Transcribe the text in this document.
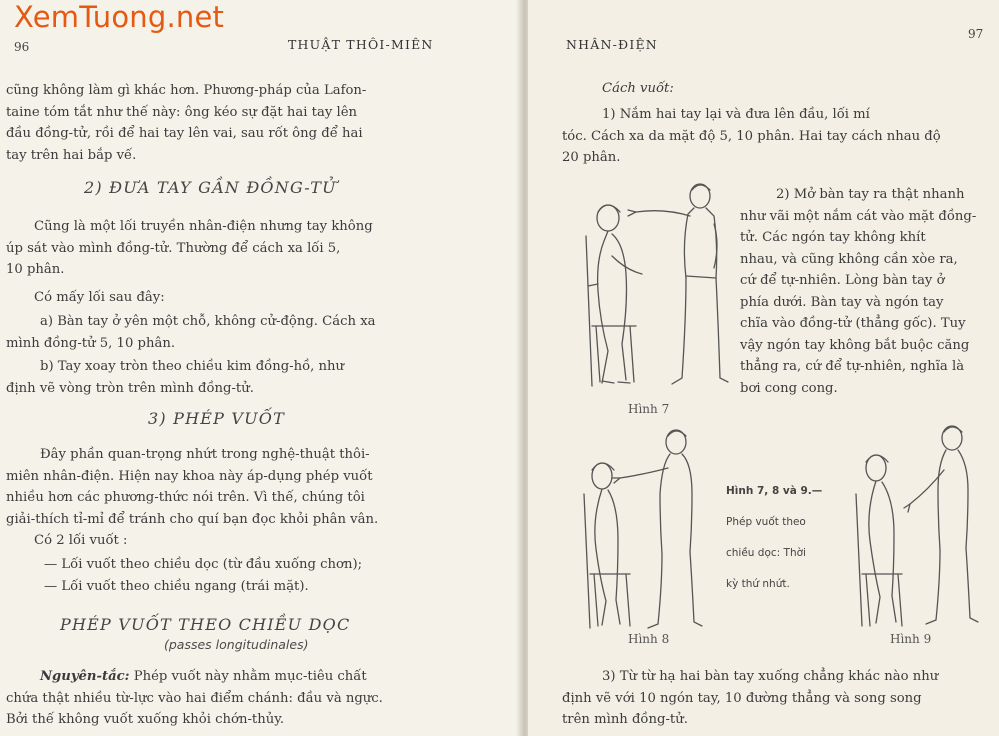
XemTuong.net
96	THUẬT THÔI-MIÊN
cũng không làm gì khác hơn. Phương-pháp của Lafon-
taine tóm tắt như thế này: ông kéo sự đặt hai tay lên
đầu đồng-tử, rồi để hai tay lên vai, sau rốt ông để hai
tay trên hai bắp vế.
2) ĐƯA TAY GẦN ĐỒNG-TỬ
Cũng là một lối truyền nhân-điện nhưng tay không
úp sát vào mình đồng-tử. Thường để cách xa lối 5,
10 phân.
Có mấy lối sau đây:
a) Bàn tay ở yên một chỗ, không cử-động. Cách xa
mình đồng-tử 5, 10 phân.
b) Tay xoay tròn theo chiều kim đồng-hồ, như
định vẽ vòng tròn trên mình đồng-tử.
3) PHÉP VUỐT
Đây phần quan-trọng nhứt trong nghệ-thuật thôi-
miên nhân-điện. Hiện nay khoa này áp-dụng phép vuốt
nhiều hơn các phương-thức nói trên. Vì thế, chúng tôi
giải-thích tỉ-mỉ để tránh cho quí bạn đọc khỏi phân vân.
Có 2 lối vuốt :
— Lối vuốt theo chiều dọc (từ đầu xuống chơn);
— Lối vuốt theo chiều ngang (trái mặt).
PHÉP VUỐT THEO CHIỀU DỌC
(passes longitudinales)
Nguyên-tắc: Phép vuốt này nhằm mục-tiêu chất
chứa thật nhiều từ-lực vào hai điểm chánh: đầu và ngực.
Bởi thế không vuốt xuống khỏi chớn-thủy.
NHÂN-ĐIỆN
97
Cách vuốt:
1) Nắm hai tay lại và đưa lên đầu, lối mí
tóc. Cách xa da mặt độ 5, 10 phân. Hai tay cách nhau độ
20 phân.
Hình 7
2) Mở bàn tay ra thật nhanh
như vãi một nắm cát vào mặt đồng-
tử. Các ngón tay không khít
nhau, và cũng không cần xòe ra,
cứ để tự-nhiên. Lòng bàn tay ở
phía dưới. Bàn tay và ngón tay
chĩa vào đồng-tử (thẳng gốc). Tuy
vậy ngón tay không bắt buộc căng
thẳng ra, cứ để tự-nhiên, nghĩa là
bơi cong cong.
Hình 8
Hình 7, 8 và 9.—
Phép vuốt theo
chiều dọc: Thời
kỳ thứ nhứt.
Hình 9
3) Từ từ hạ hai bàn tay xuống chẳng khác nào như
định vẽ với 10 ngón tay, 10 đường thẳng và song song
trên mình đồng-tử.
